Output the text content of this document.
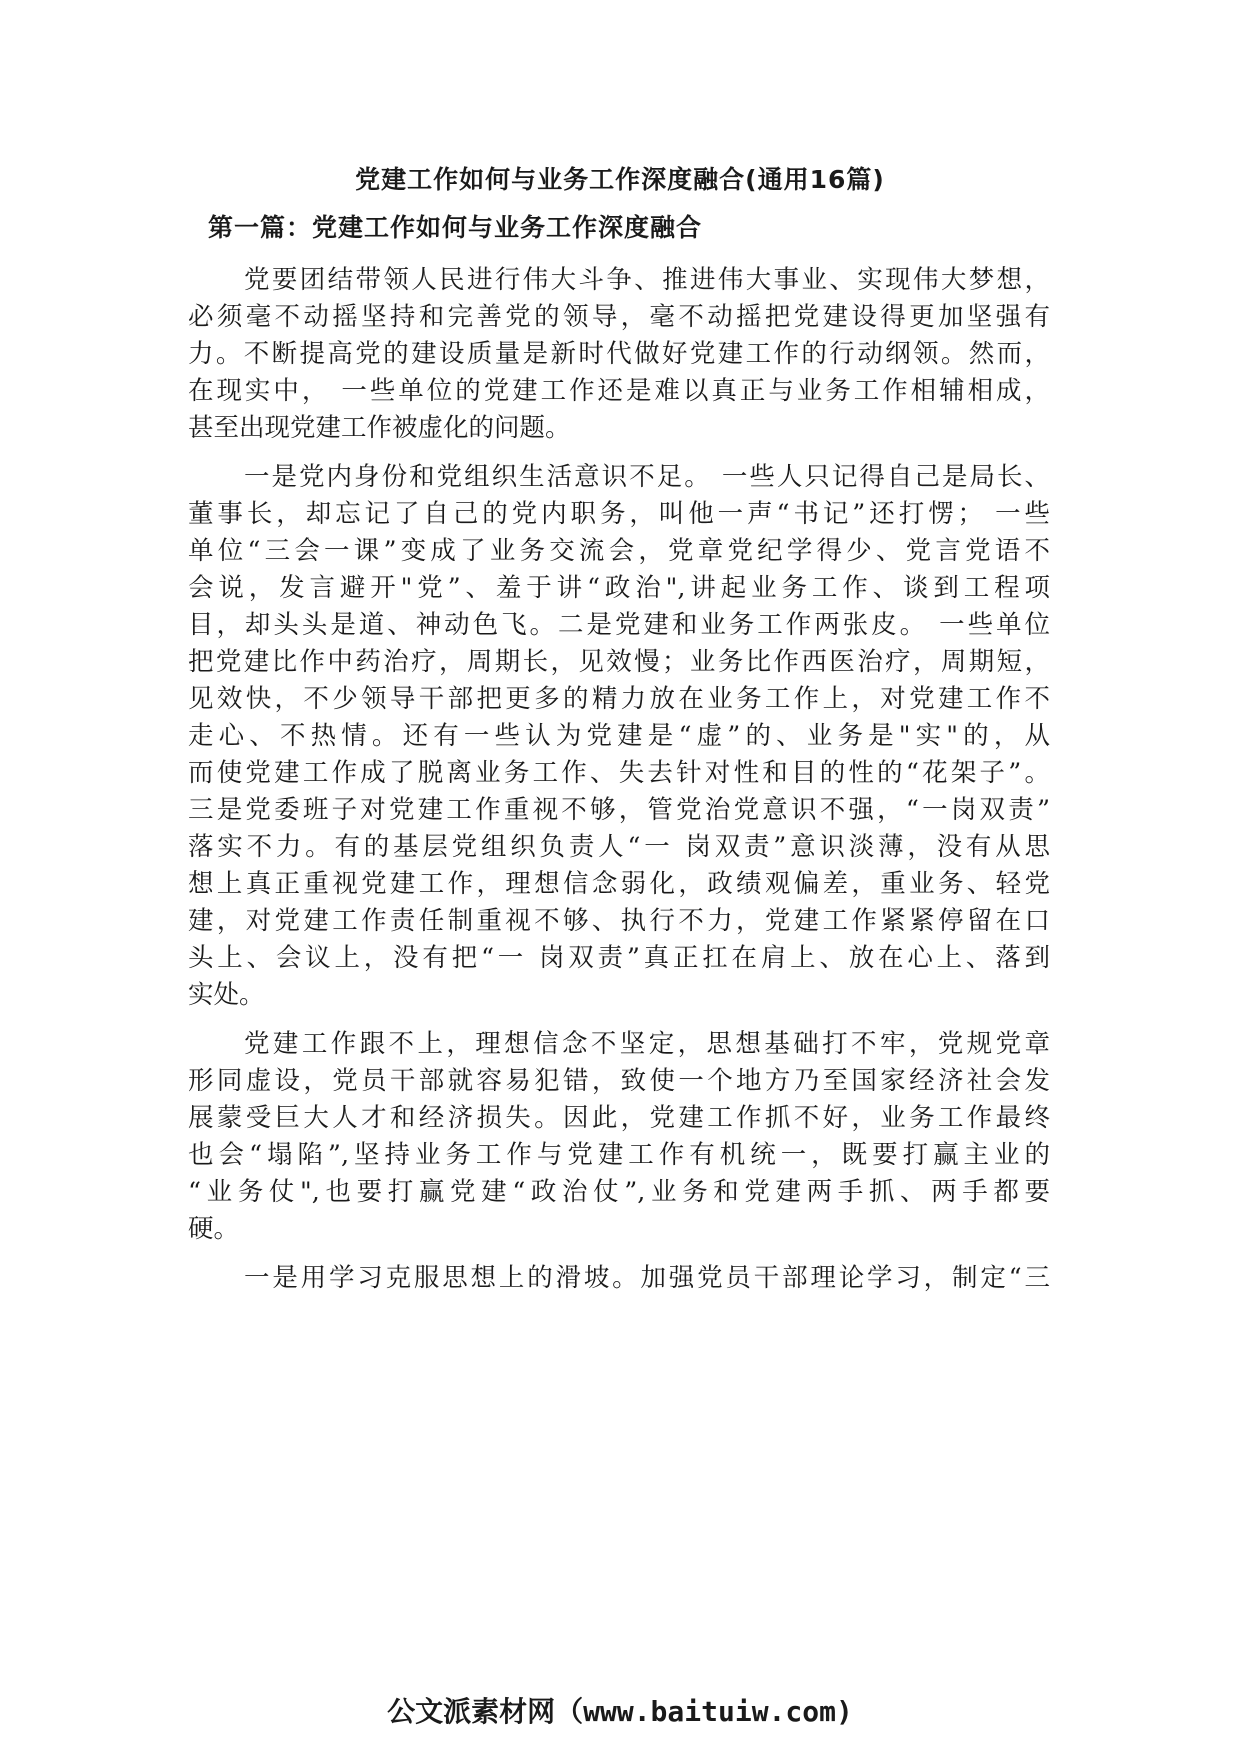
党建工作如何与业务工作深度融合(通用16篇)
第一篇：党建工作如何与业务工作深度融合
党要团结带领人民进行伟大斗争、推进伟大事业、实现伟大梦想，
必须毫不动摇坚持和完善党的领导，毫不动摇把党建设得更加坚强有
力。不断提高党的建设质量是新时代做好党建工作的行动纲领。然而，
在现实中， 一些单位的党建工作还是难以真正与业务工作相辅相成，
甚至出现党建工作被虚化的问题。
一是党内身份和党组织生活意识不足。 一些人只记得自己是局长、
董事长，却忘记了自己的党内职务，叫他一声“书记”还打愣； 一些
单位“三会一课”变成了业务交流会，党章党纪学得少、党言党语不
会说，发言避开"党”、羞于讲“政治",讲起业务工作、谈到工程项
目，却头头是道、神动色飞。二是党建和业务工作两张皮。 一些单位
把党建比作中药治疗，周期长，见效慢；业务比作西医治疗，周期短，
见效快，不少领导干部把更多的精力放在业务工作上，对党建工作不
走心、不热情。还有一些认为党建是“虚”的、业务是"实"的，从
而使党建工作成了脱离业务工作、失去针对性和目的性的“花架子”。
三是党委班子对党建工作重视不够，管党治党意识不强，“一岗双责”
落实不力。有的基层党组织负责人“一 岗双责”意识淡薄，没有从思
想上真正重视党建工作，理想信念弱化，政绩观偏差，重业务、轻党
建，对党建工作责任制重视不够、执行不力，党建工作紧紧停留在口
头上、会议上，没有把“一 岗双责”真正扛在肩上、放在心上、落到
实处。
党建工作跟不上，理想信念不坚定，思想基础打不牢，党规党章
形同虚设，党员干部就容易犯错，致使一个地方乃至国家经济社会发
展蒙受巨大人才和经济损失。因此，党建工作抓不好，业务工作最终
也会“塌陷”,坚持业务工作与党建工作有机统一，既要打赢主业的
“业务仗",也要打赢党建“政治仗”,业务和党建两手抓、两手都要
硬。
一是用学习克服思想上的滑坡。加强党员干部理论学习，制定“三
公文派素材网（www.baituiw.com)
